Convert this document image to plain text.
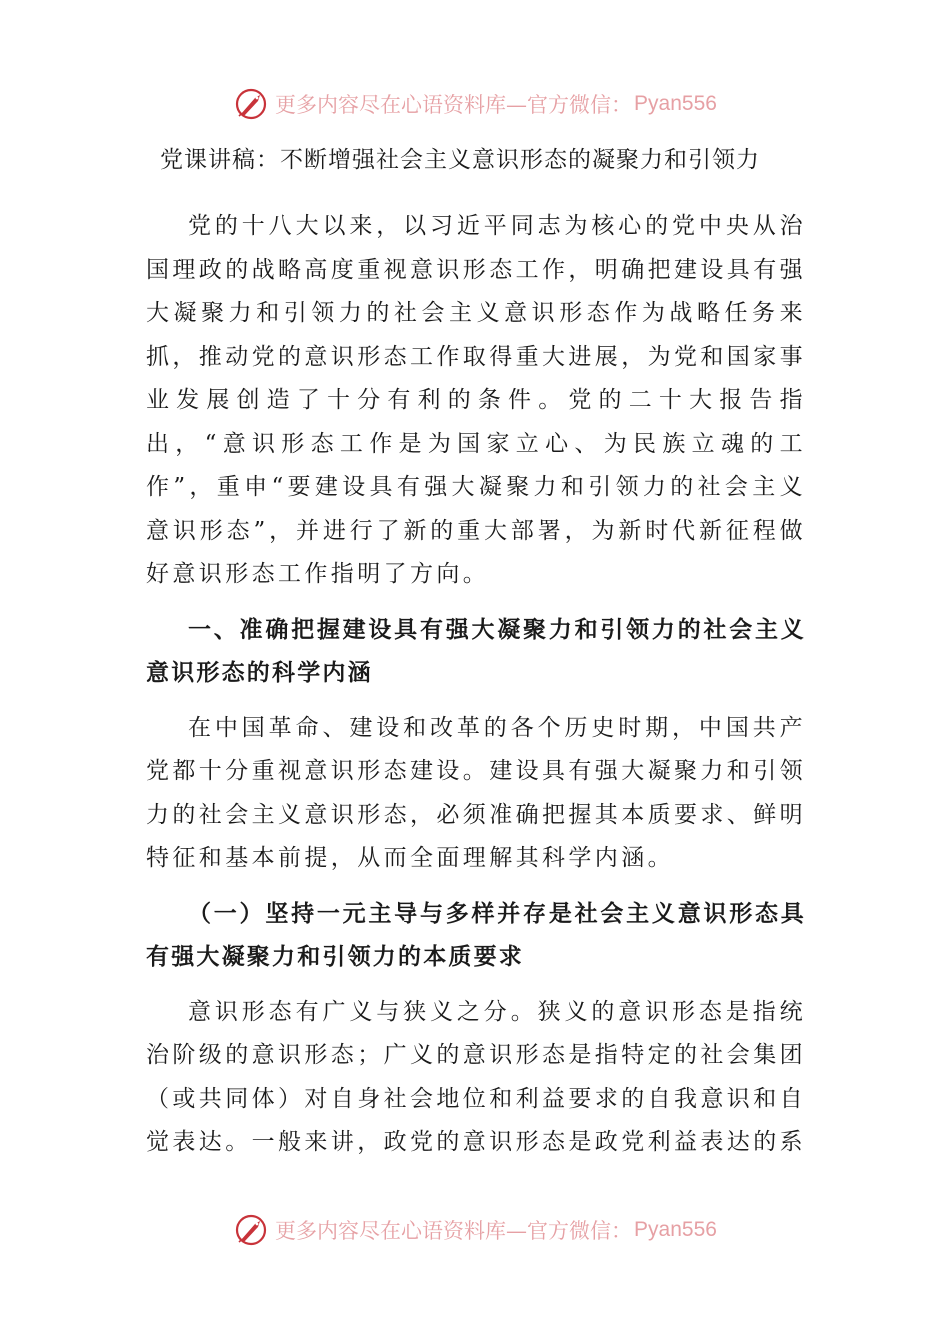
更多内容尽在心语资料库—官方微信： Pyan556
党课讲稿：不断增强社会主义意识形态的凝聚力和引领力

党的十八大以来，以习近平同志为核心的党中央从治国理政的战略高度重视意识形态工作，明确把建设具有强大凝聚力和引领力的社会主义意识形态作为战略任务来抓，推动党的意识形态工作取得重大进展，为党和国家事业发展创造了十分有利的条件。党的二十大报告指出，“意识形态工作是为国家立心、为民族立魂的工作”，重申“要建设具有强大凝聚力和引领力的社会主义意识形态”，并进行了新的重大部署，为新时代新征程做好意识形态工作指明了方向。

一、准确把握建设具有强大凝聚力和引领力的社会主义意识形态的科学内涵

在中国革命、建设和改革的各个历史时期，中国共产党都十分重视意识形态建设。建设具有强大凝聚力和引领力的社会主义意识形态，必须准确把握其本质要求、鲜明特征和基本前提，从而全面理解其科学内涵。

（一）坚持一元主导与多样并存是社会主义意识形态具有强大凝聚力和引领力的本质要求

意识形态有广义与狭义之分。狭义的意识形态是指统治阶级的意识形态；广义的意识形态是指特定的社会集团（或共同体）对自身社会地位和利益要求的自我意识和自觉表达。一般来讲，政党的意识形态是政党利益表达的系

更多内容尽在心语资料库—官方微信： Pyan556
